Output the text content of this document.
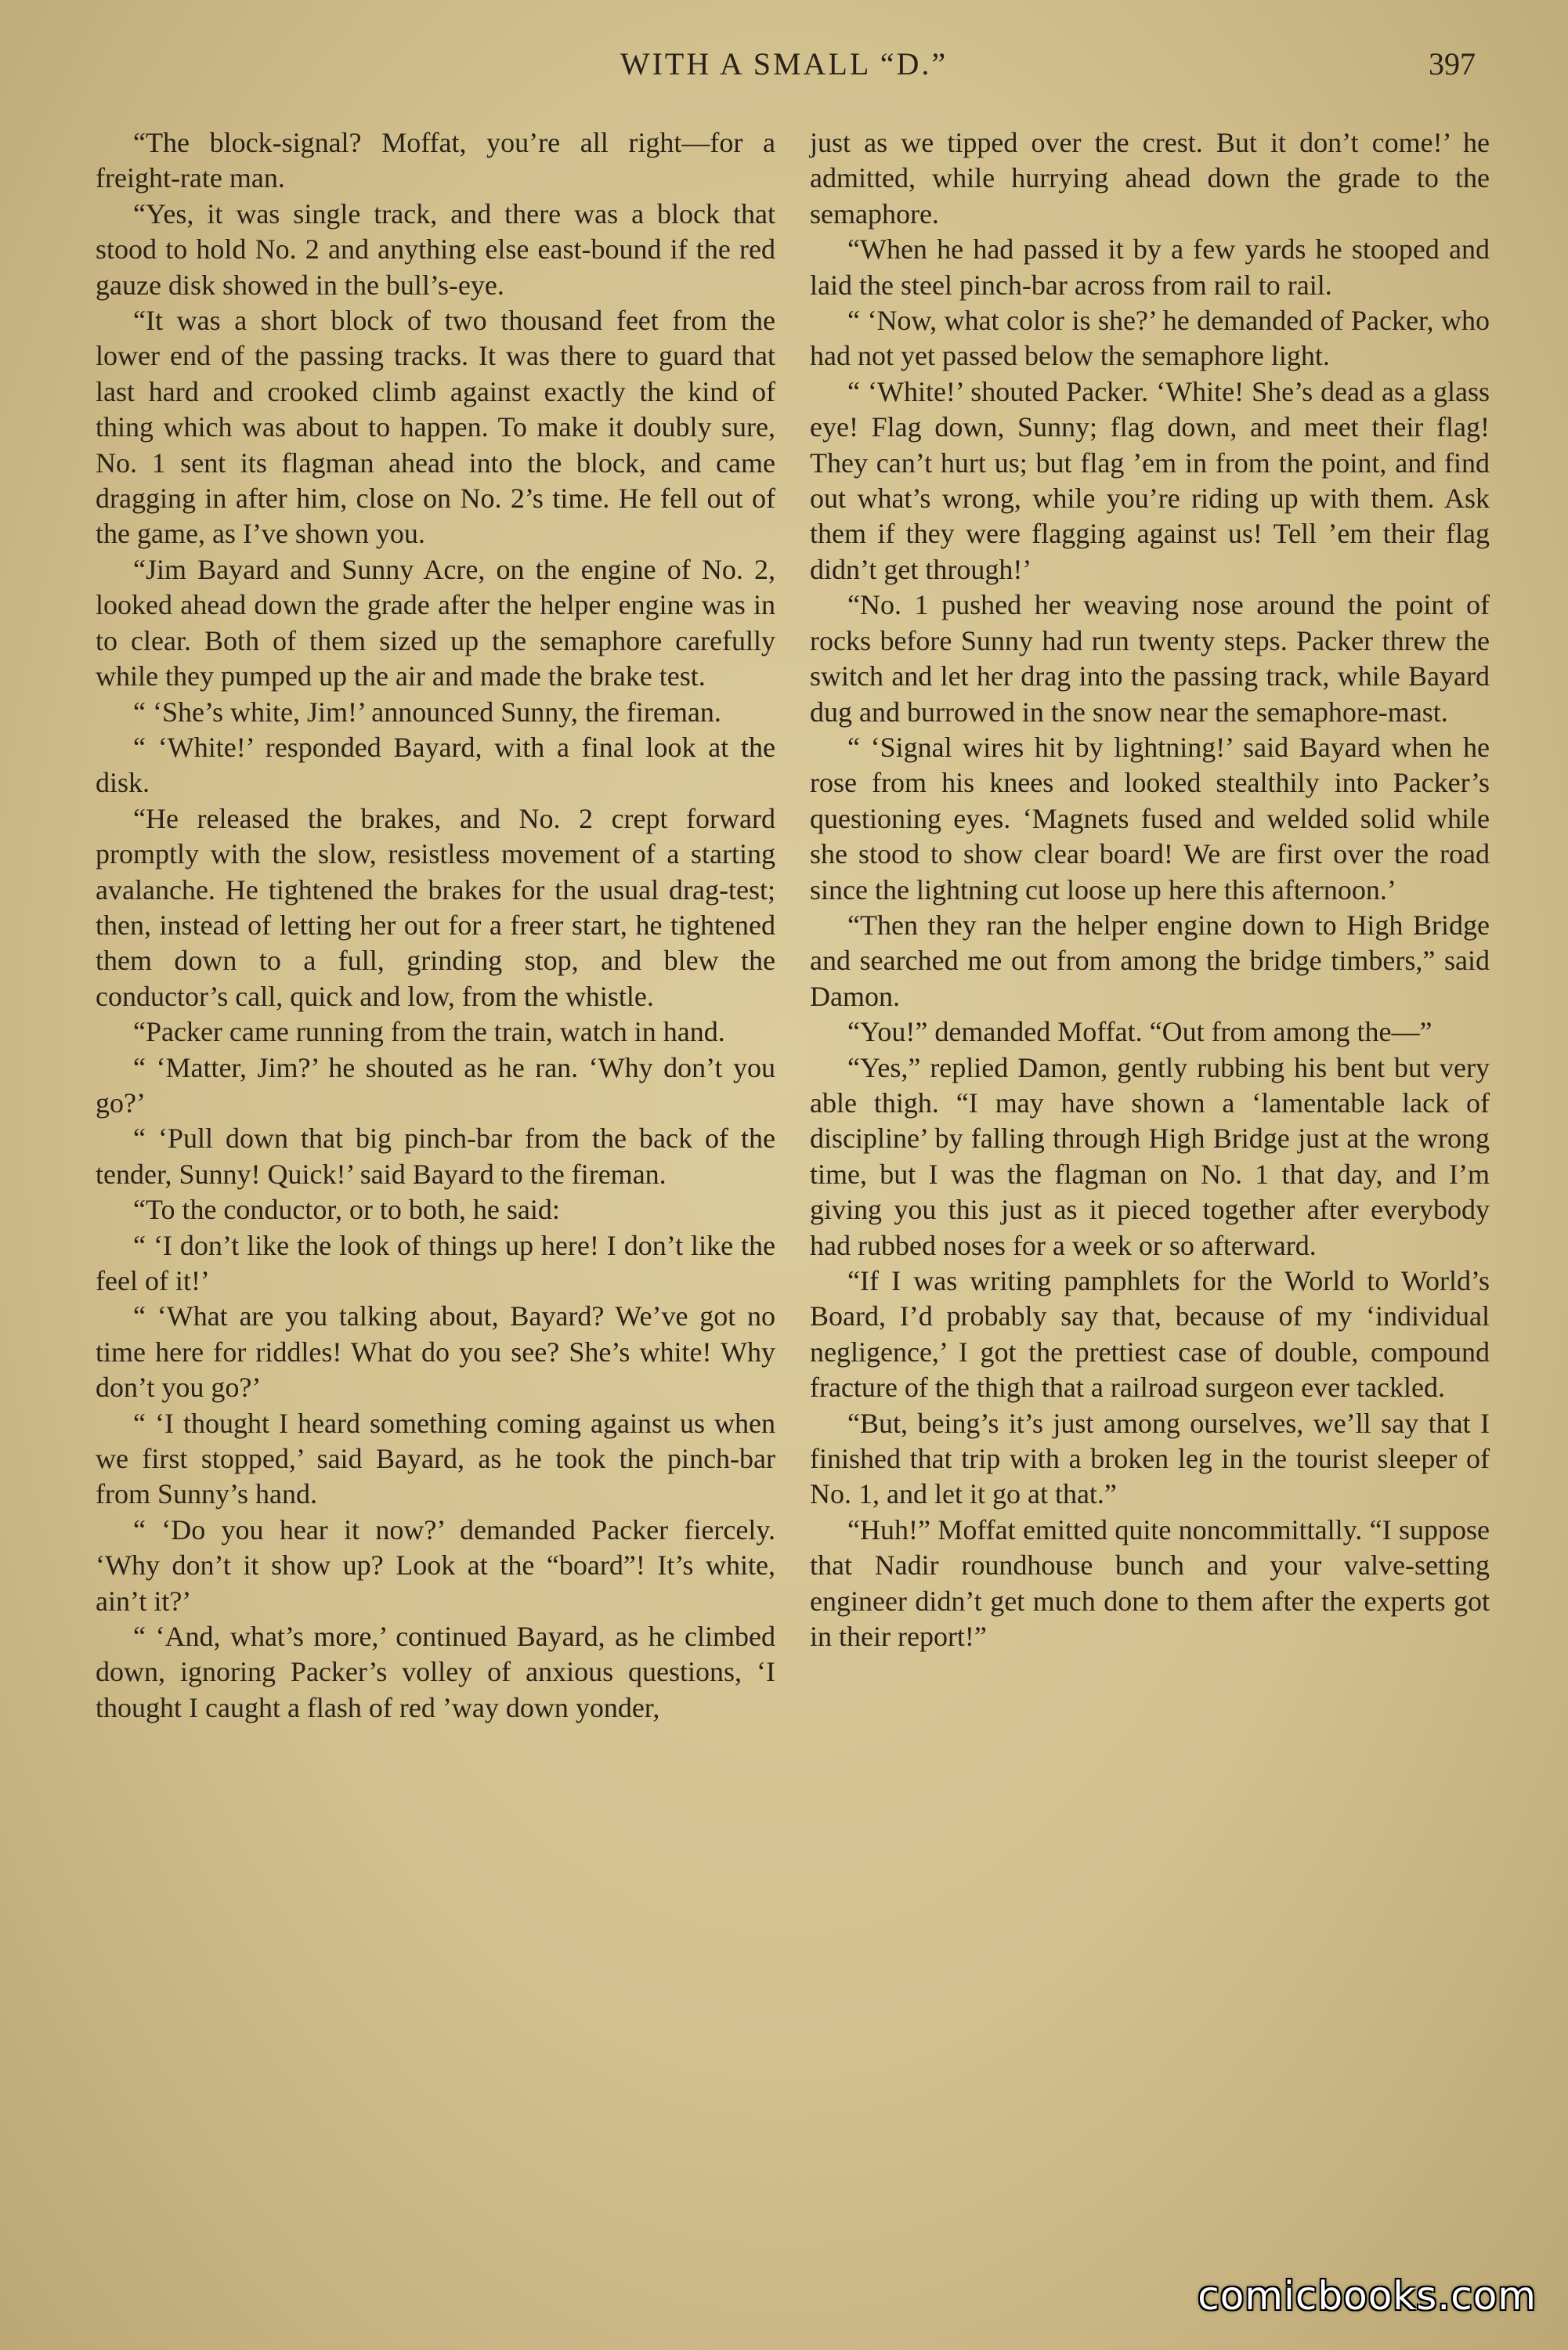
WITH A SMALL “D.”	397

“The block-signal? Moffat, you’re all right—for a freight-rate man.

“Yes, it was single track, and there was a block that stood to hold No. 2 and anything else east-bound if the red gauze disk showed in the bull’s-eye.

“It was a short block of two thousand feet from the lower end of the passing tracks. It was there to guard that last hard and crooked climb against exactly the kind of thing which was about to happen. To make it doubly sure, No. 1 sent its flagman ahead into the block, and came dragging in after him, close on No. 2’s time. He fell out of the game, as I’ve shown you.

“Jim Bayard and Sunny Acre, on the engine of No. 2, looked ahead down the grade after the helper engine was in to clear. Both of them sized up the semaphore carefully while they pumped up the air and made the brake test.

“ ‘She’s white, Jim!’ announced Sunny, the fireman.

“ ‘White!’ responded Bayard, with a final look at the disk.

“He released the brakes, and No. 2 crept forward promptly with the slow, resistless movement of a starting avalanche. He tightened the brakes for the usual drag-test; then, instead of letting her out for a freer start, he tightened them down to a full, grinding stop, and blew the conductor’s call, quick and low, from the whistle.

“Packer came running from the train, watch in hand.

“ ‘Matter, Jim?’ he shouted as he ran. ‘Why don’t you go?’

“ ‘Pull down that big pinch-bar from the back of the tender, Sunny! Quick!’ said Bayard to the fireman.

“To the conductor, or to both, he said:

“ ‘I don’t like the look of things up here! I don’t like the feel of it!’

“ ‘What are you talking about, Bayard? We’ve got no time here for riddles! What do you see? She’s white! Why don’t you go?’

“ ‘I thought I heard something coming against us when we first stopped,’ said Bayard, as he took the pinch-bar from Sunny’s hand.

“ ‘Do you hear it now?’ demanded Packer fiercely. ‘Why don’t it show up? Look at the “board”! It’s white, ain’t it?’

“ ‘And, what’s more,’ continued Bayard, as he climbed down, ignoring Packer’s volley of anxious questions, ‘I thought I caught a flash of red ’way down yonder,

just as we tipped over the crest. But it don’t come!’ he admitted, while hurrying ahead down the grade to the semaphore.

“When he had passed it by a few yards he stooped and laid the steel pinch-bar across from rail to rail.

“ ‘Now, what color is she?’ he demanded of Packer, who had not yet passed below the semaphore light.

“ ‘White!’ shouted Packer. ‘White! She’s dead as a glass eye! Flag down, Sunny; flag down, and meet their flag! They can’t hurt us; but flag ’em in from the point, and find out what’s wrong, while you’re riding up with them. Ask them if they were flagging against us! Tell ’em their flag didn’t get through!’

“No. 1 pushed her weaving nose around the point of rocks before Sunny had run twenty steps. Packer threw the switch and let her drag into the passing track, while Bayard dug and burrowed in the snow near the semaphore-mast.

“ ‘Signal wires hit by lightning!’ said Bayard when he rose from his knees and looked stealthily into Packer’s questioning eyes. ‘Magnets fused and welded solid while she stood to show clear board! We are first over the road since the lightning cut loose up here this afternoon.’

“Then they ran the helper engine down to High Bridge and searched me out from among the bridge timbers,” said Damon.

“You!” demanded Moffat. “Out from among the—”

“Yes,” replied Damon, gently rubbing his bent but very able thigh. “I may have shown a ‘lamentable lack of discipline’ by falling through High Bridge just at the wrong time, but I was the flagman on No. 1 that day, and I’m giving you this just as it pieced together after everybody had rubbed noses for a week or so afterward.

“If I was writing pamphlets for the World to World’s Board, I’d probably say that, because of my ‘individual negligence,’ I got the prettiest case of double, compound fracture of the thigh that a railroad surgeon ever tackled.

“But, being’s it’s just among ourselves, we’ll say that I finished that trip with a broken leg in the tourist sleeper of No. 1, and let it go at that.”

“Huh!” Moffat emitted quite noncommittally. “I suppose that Nadir roundhouse bunch and your valve-setting engineer didn’t get much done to them after the experts got in their report!”

comicbooks.com
